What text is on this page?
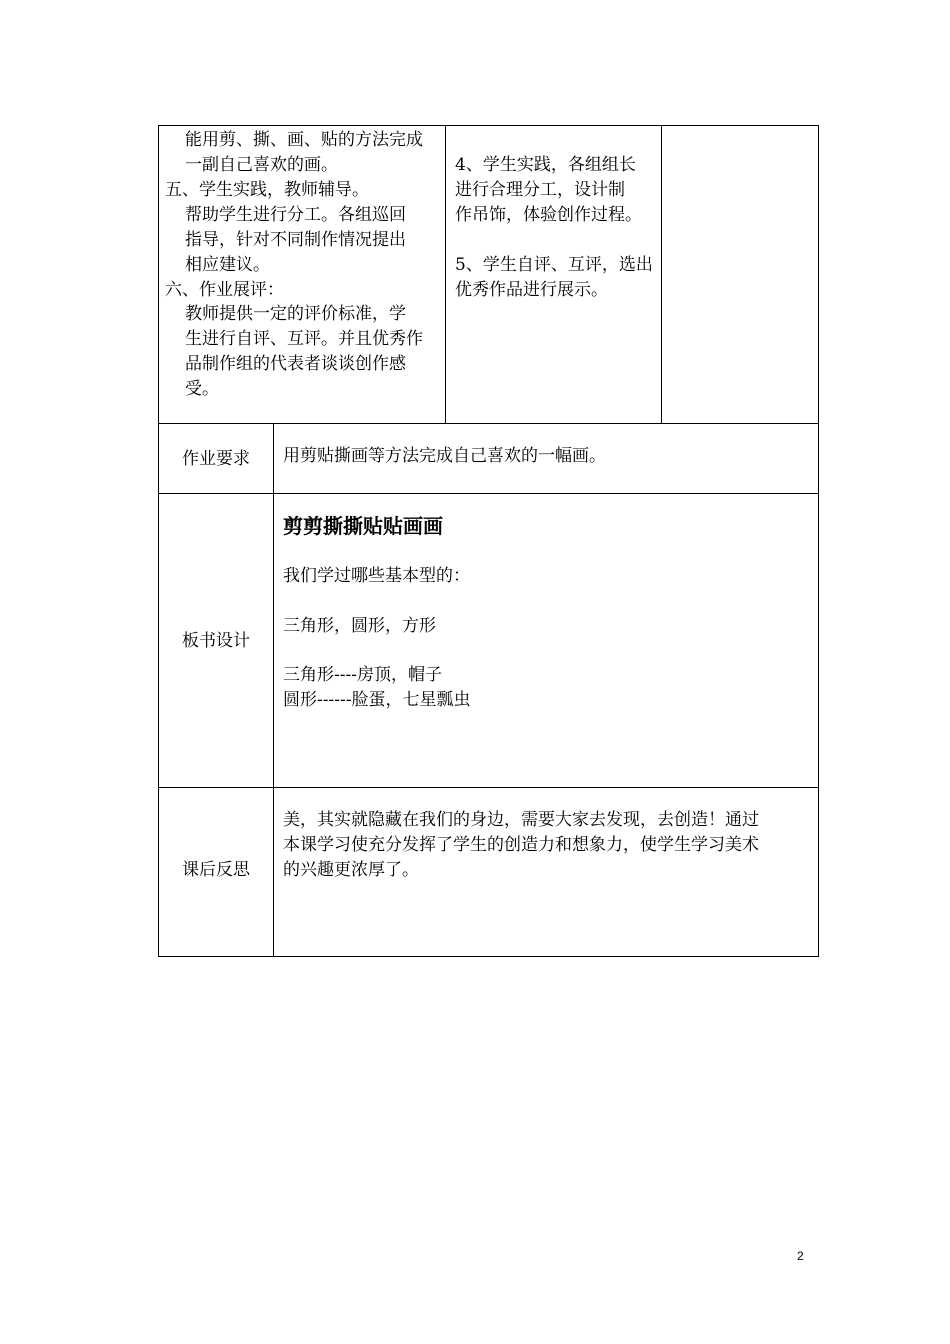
能用剪、撕、画、贴的方法完成
一副自己喜欢的画。
五、学生实践，教师辅导。
帮助学生进行分工。各组巡回
指导，针对不同制作情况提出
相应建议。
六、作业展评：
教师提供一定的评价标准，学
生进行自评、互评。并且优秀作
品制作组的代表者谈谈创作感
受。
4、学生实践，各组组长
进行合理分工，设计制
作吊饰，体验创作过程。
5、学生自评、互评，选出
优秀作品进行展示。
作业要求	用剪贴撕画等方法完成自己喜欢的一幅画。
板书设计
剪剪撕撕贴贴画画
我们学过哪些基本型的：
三角形，圆形，方形
三角形----房顶，帽子
圆形------脸蛋，七星瓢虫
课后反思
美，其实就隐藏在我们的身边，需要大家去发现，去创造！通过
本课学习使充分发挥了学生的创造力和想象力，使学生学习美术
的兴趣更浓厚了。
2
